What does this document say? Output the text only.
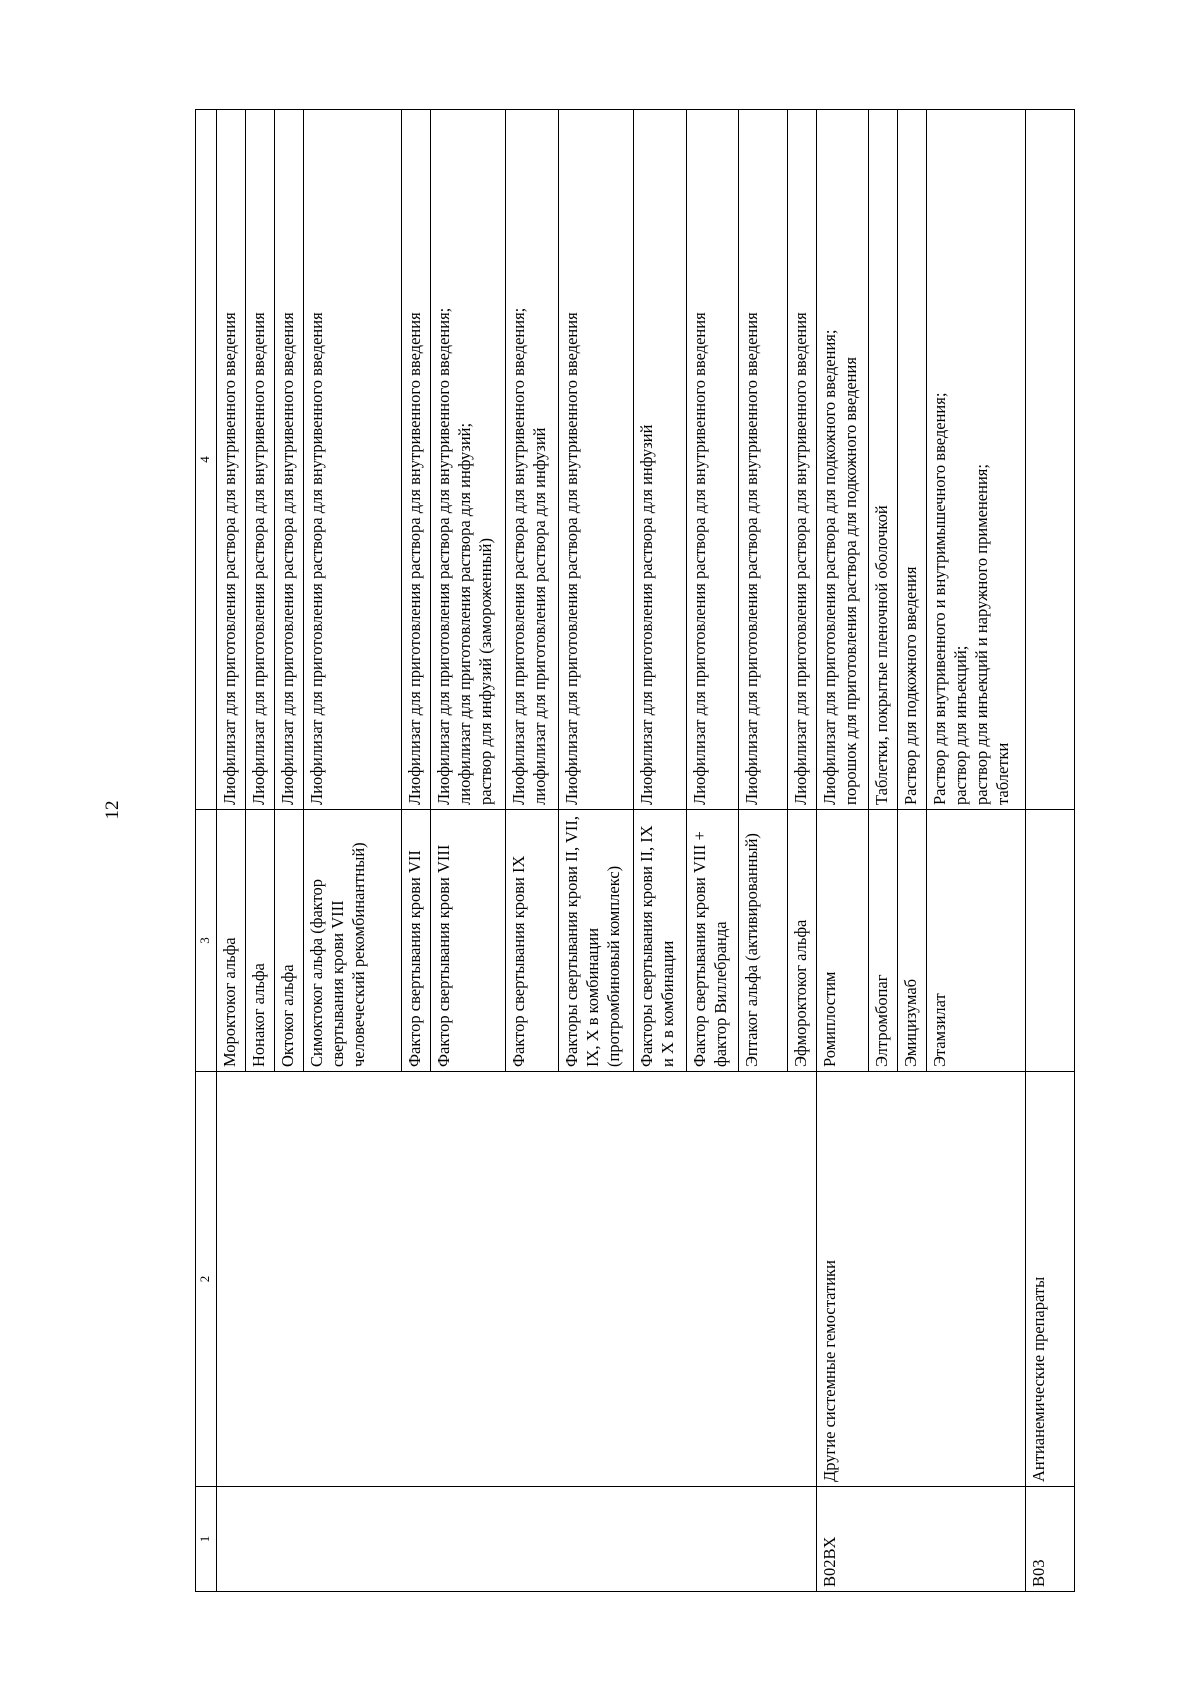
12
1	2	3	4
		Мороктоког альфа	Лиофилизат для приготовления раствора для внутривенного введения

		Нонаког альфа	Лиофилизат для приготовления раствора для внутривенного введения

		Октоког альфа	Лиофилизат для приготовления раствора для внутривенного введения

		Симоктоког альфа (фактор свертывания крови VIII человеческий рекомбинантный)	Лиофилизат для приготовления раствора для внутривенного введения

		Фактор свертывания крови VII	Лиофилизат для приготовления раствора для внутривенного введения

		Фактор свертывания крови VIII	Лиофилизат для приготовления раствора для внутривенного введения; лиофилизат для приготовления раствора для инфузий; раствор для инфузий (замороженный)

		Фактор свертывания крови IX	Лиофилизат для приготовления раствора для внутривенного введения; лиофилизат для приготовления раствора для инфузий

		Факторы свертывания крови II, VII, IX, X в комбинации (протромбиновый комплекс)	Лиофилизат для приготовления раствора для внутривенного введения

		Факторы свертывания крови II, IX и X в комбинации	Лиофилизат для приготовления раствора для инфузий

		Фактор свертывания крови VIII + фактор Виллебранда	Лиофилизат для приготовления раствора для внутривенного введения

		Эптаког альфа (активированный)	Лиофилизат для приготовления раствора для внутривенного введения

		Эфмороктоког альфа	Лиофилизат для приготовления раствора для внутривенного введения

B02BX	Другие системные гемостатики	Ромиплостим	Лиофилизат для приготовления раствора для подкожного введения; порошок для приготовления раствора для подкожного введения

		Элтромбопаг	Таблетки, покрытые пленочной оболочкой

		Эмицизумаб	Раствор для подкожного введения

		Этамзилат	Раствор для внутривенного и внутримышечного введения; раствор для инъекций; раствор для инъекций и наружного применения; таблетки

B03	Антианемические препараты		
